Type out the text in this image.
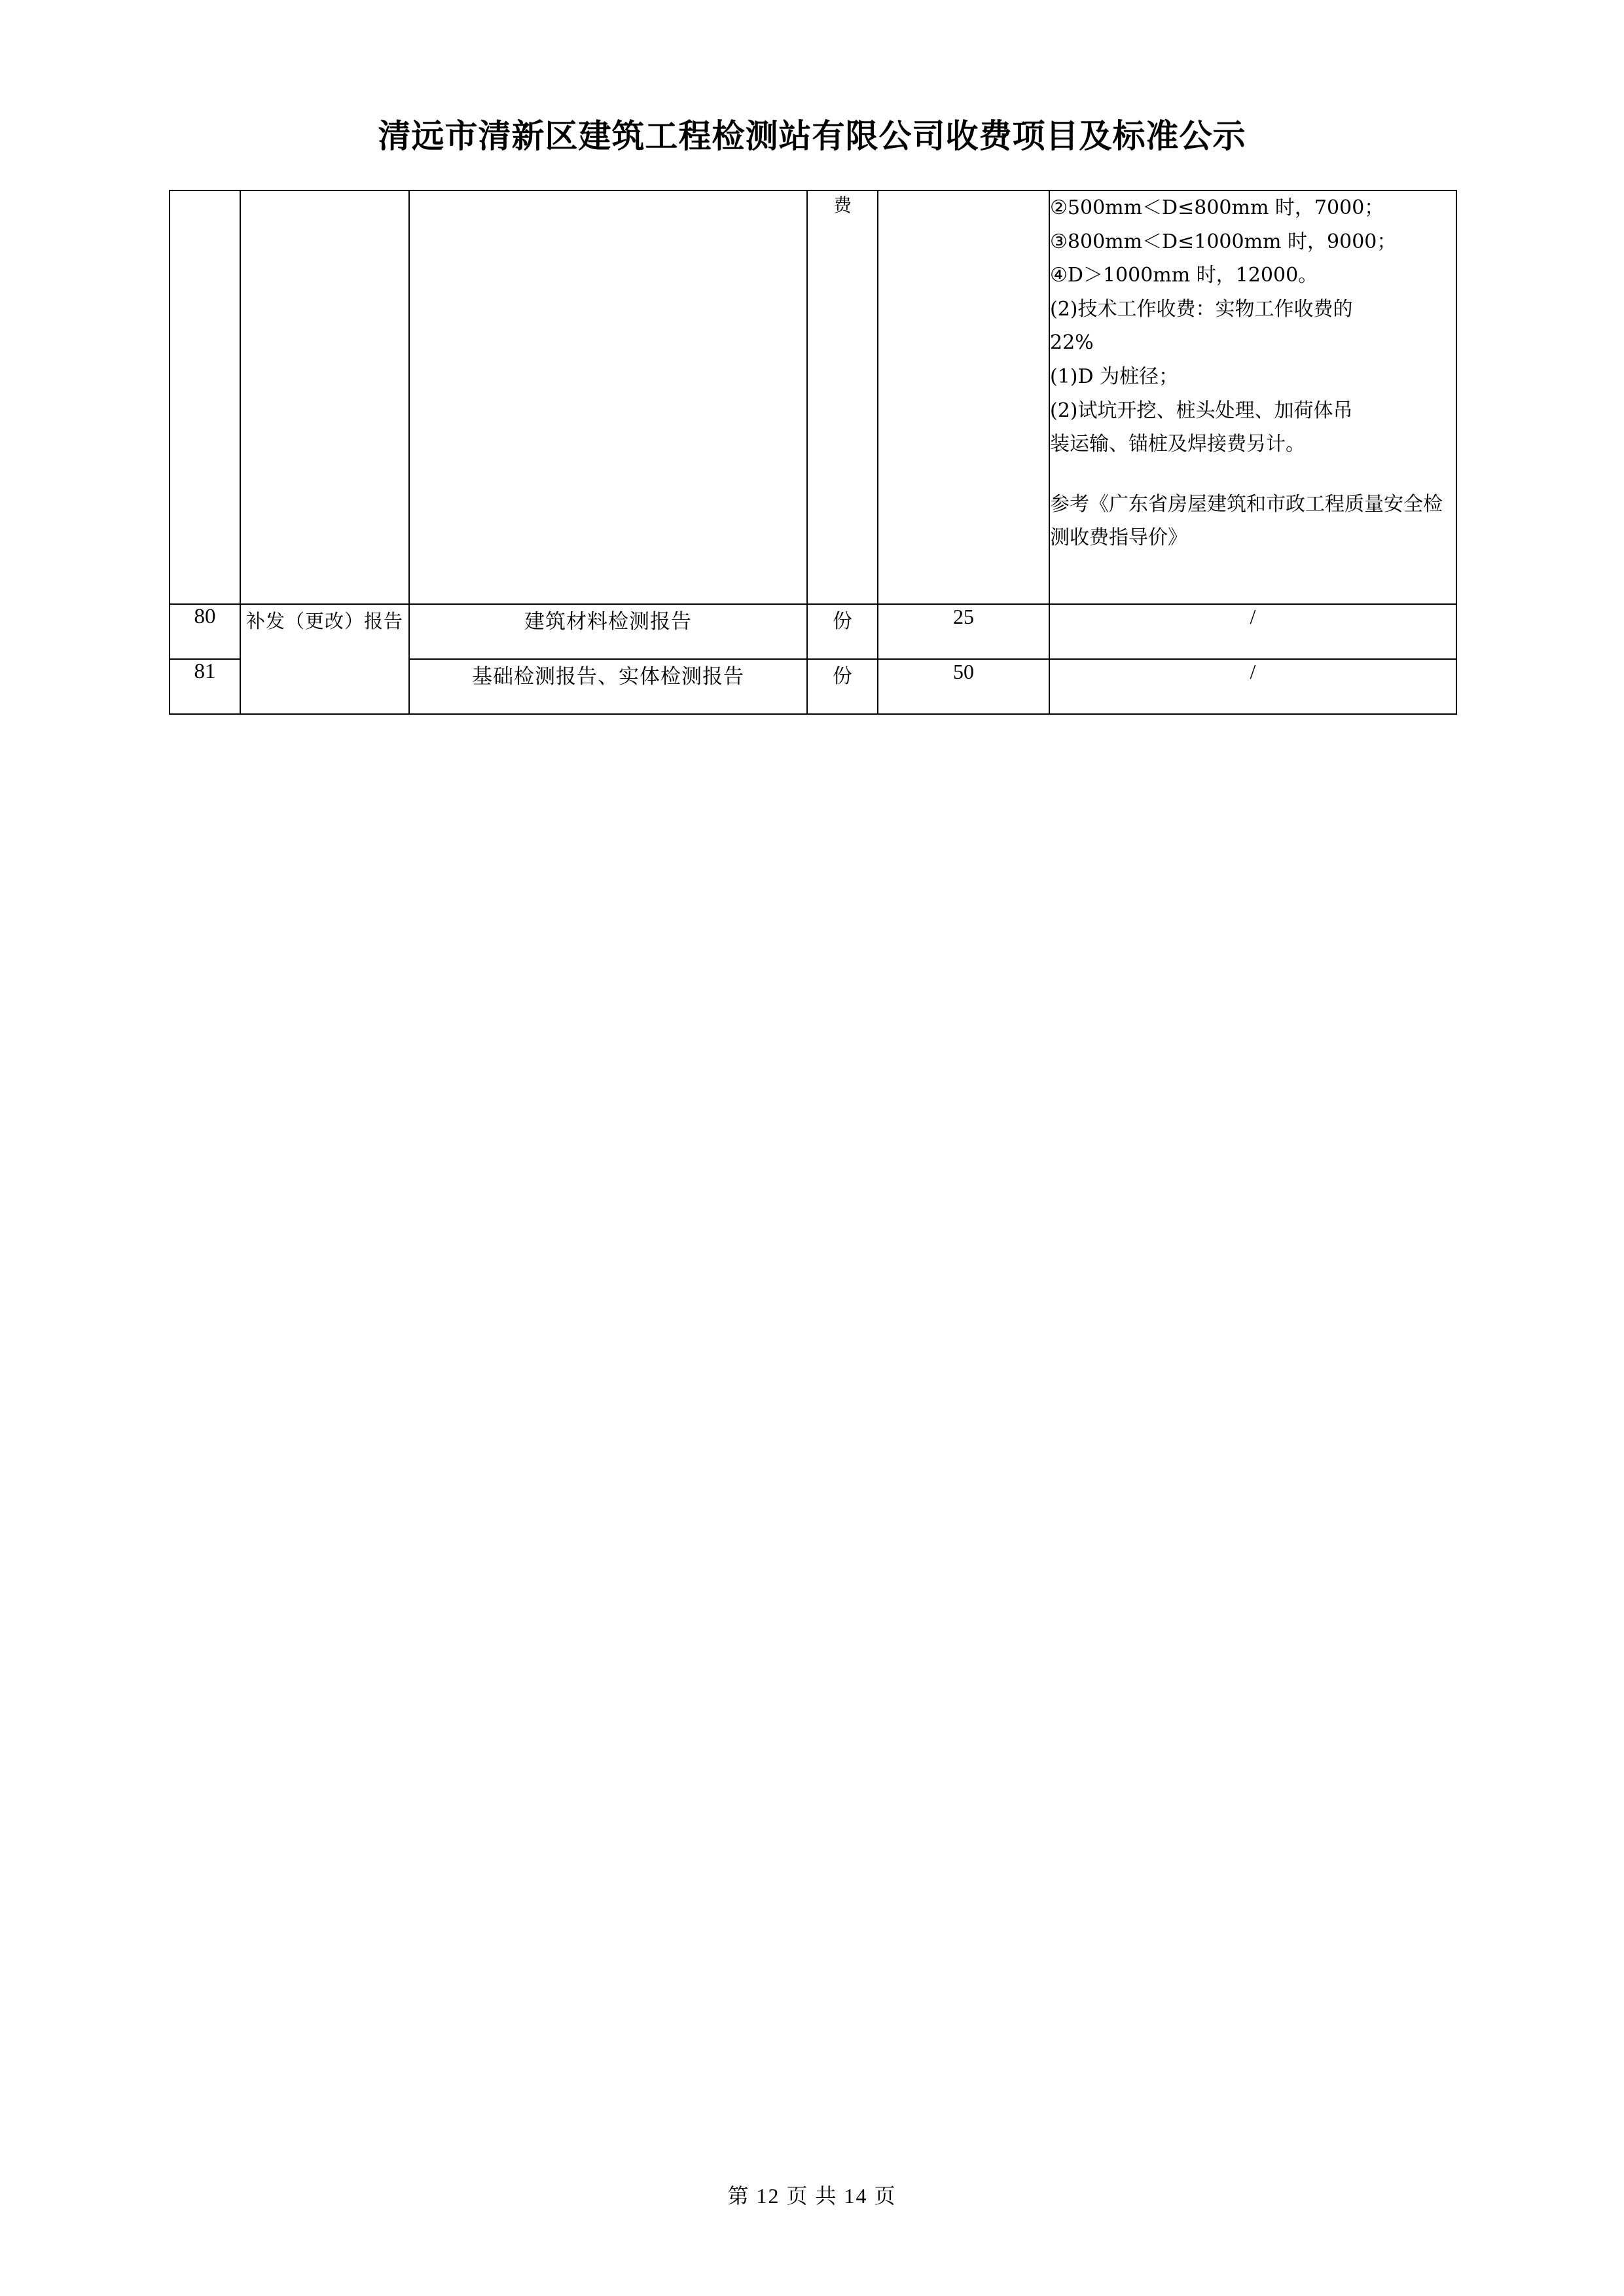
清远市清新区建筑工程检测站有限公司收费项目及标准公示
			费		②500mm＜D≤800mm 时，7000；
③800mm＜D≤1000mm 时，9000；
④D＞1000mm 时，12000。
(2)技术工作收费：实物工作收费的
22%
(1)D 为桩径；
(2)试坑开挖、桩头处理、加荷体吊
装运输、锚桩及焊接费另计。
参考《广东省房屋建筑和市政工程质量安全检测收费指导价》

80	补发（更改）报告	建筑材料检测报告	份	25	/
81		基础检测报告、实体检测报告	份	50	/
第 12 页 共 14 页
